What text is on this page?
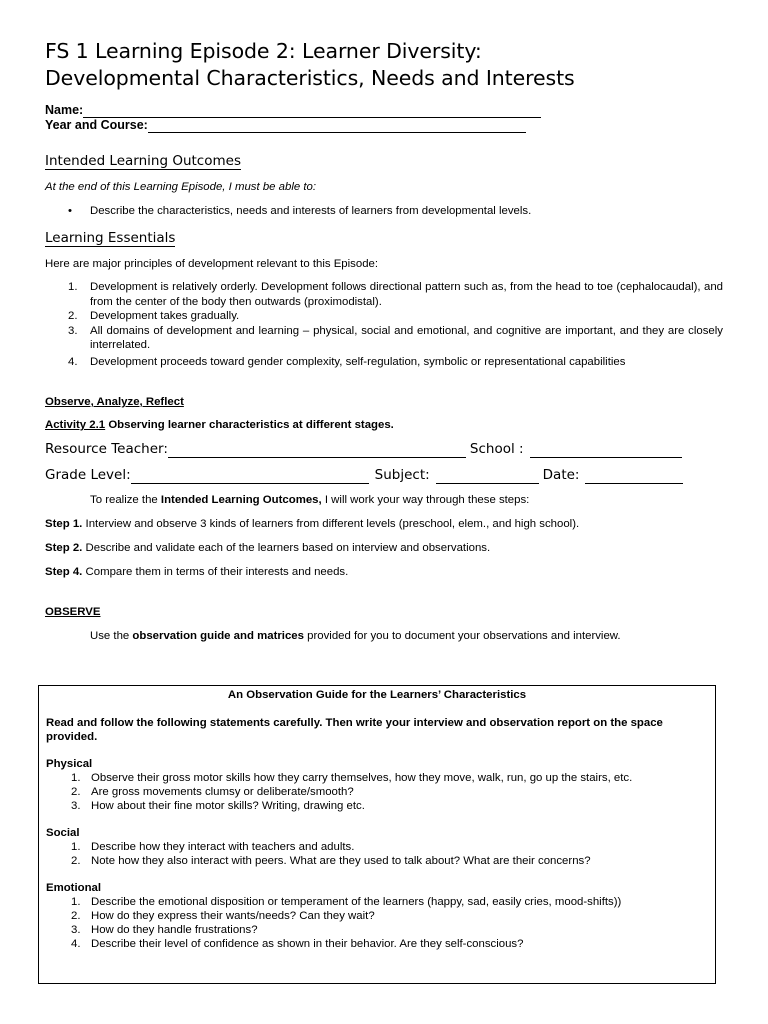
FS 1 Learning Episode 2: Learner Diversity:
Developmental Characteristics, Needs and Interests
Name:
Year and Course:
Intended Learning Outcomes
At the end of this Learning Episode, I must be able to:
• Describe the characteristics, needs and interests of learners from developmental levels.
Learning Essentials
Here are major principles of development relevant to this Episode:
1. Development is relatively orderly. Development follows directional pattern such as, from the head to toe (cephalocaudal), and from the center of the body then outwards (proximodistal).
2. Development takes gradually.
3. All domains of development and learning – physical, social and emotional, and cognitive are important, and they are closely interrelated.
4. Development proceeds toward gender complexity, self-regulation, symbolic or representational capabilities
Observe, Analyze, Reflect
Activity 2.1 Observing learner characteristics at different stages.
Resource Teacher:	School :
Grade Level:	Subject:	Date:
To realize the Intended Learning Outcomes, I will work your way through these steps:
Step 1. Interview and observe 3 kinds of learners from different levels (preschool, elem., and high school).
Step 2. Describe and validate each of the learners based on interview and observations.
Step 4. Compare them in terms of their interests and needs.
OBSERVE
Use the observation guide and matrices provided for you to document your observations and interview.
An Observation Guide for the Learners’ Characteristics
Read and follow the following statements carefully. Then write your interview and observation report on the space provided.
Physical
1. Observe their gross motor skills how they carry themselves, how they move, walk, run, go up the stairs, etc.
2. Are gross movements clumsy or deliberate/smooth?
3. How about their fine motor skills? Writing, drawing etc.
Social
1. Describe how they interact with teachers and adults.
2. Note how they also interact with peers. What are they used to talk about? What are their concerns?
Emotional
1. Describe the emotional disposition or temperament of the learners (happy, sad, easily cries, mood-shifts))
2. How do they express their wants/needs? Can they wait?
3. How do they handle frustrations?
4. Describe their level of confidence as shown in their behavior. Are they self-conscious?
